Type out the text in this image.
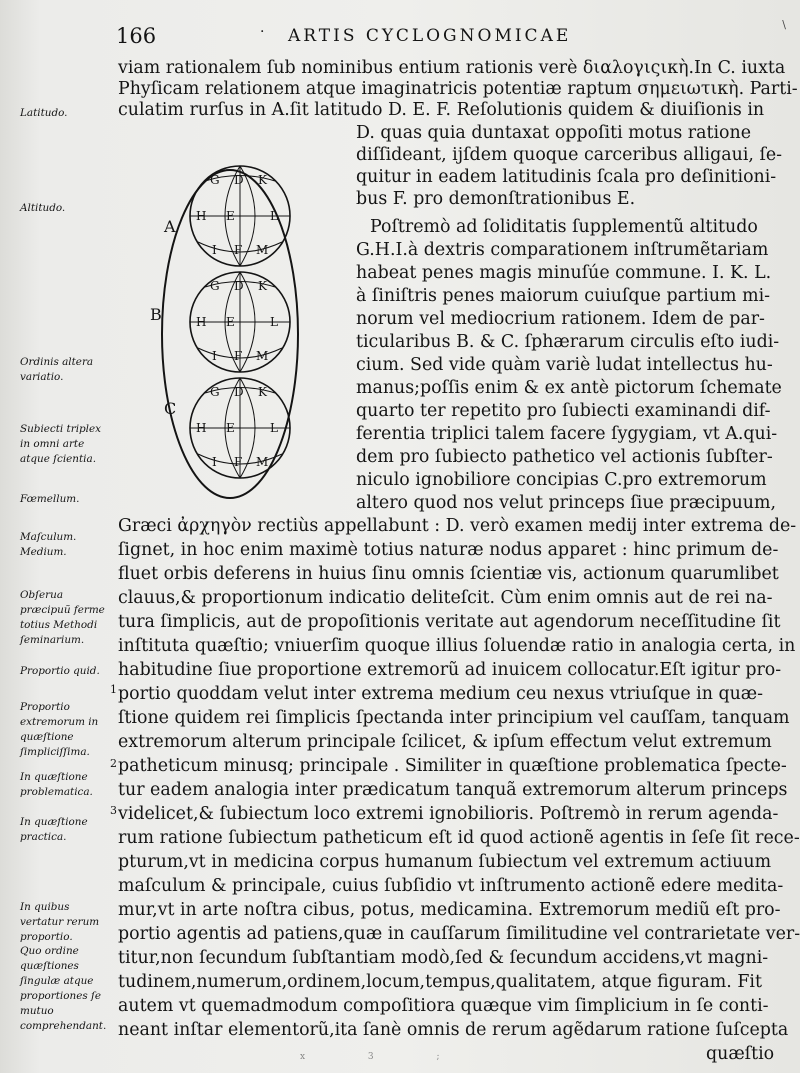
166	· ARTIS CYCLOGNOMICAE
\
viam rationalem ſub nominibus entium rationis verè διαλογιςικὴ.In C. iuxta
Phyſicam relationem atque imaginatricis potentiæ raptum σημειωτικὴ. Parti-
culatim rurſus in A.ſit latitudo D. E. F. Reſolutionis quidem & diuiſionis in
D. quas quia duntaxat oppoſiti motus ratione
diſſideant, ijſdem quoque carceribus alligaui, ſe-
quitur in eadem latitudinis ſcala pro deſinitioni-
bus F. pro demonſtrationibus E.
Poſtremò ad ſoliditatis ſupplementũ altitudo
G.H.I.à dextris comparationem inſtrumẽtariam
habeat penes magis minuſúe commune. I. K. L.
à ſiniſtris penes maiorum cuiuſque partium mi-
norum vel mediocrium rationem. Idem de par-
ticularibus B. & C. ſphærarum circulis eſto iudi-
cium. Sed vide quàm variè ludat intellectus hu-
manus;poſſis enim & ex antè pictorum ſchemate
quarto ter repetito pro ſubiecti examinandi dif-
ferentia triplici talem facere ſygygiam, vt A.qui-
dem pro ſubiecto pathetico vel actionis ſubſter-
niculo ignobiliore concipias C.pro extremorum
altero quod nos velut princeps ſiue præcipuum,
Græci ἀρχηγὸν rectiùs appellabunt : D. verò examen medij inter extrema de-
ſignet, in hoc enim maximè totius naturæ nodus apparet : hinc primum de-
fluet orbis deferens in huius ſinu omnis ſcientiæ vis, actionum quarumlibet
clauus,& proportionum indicatio deliteſcit. Cùm enim omnis aut de rei na-
tura ſimplicis, aut de propoſitionis veritate aut agendorum neceſſitudine ſit
inſtituta quæſtio; vniuerſim quoque illius ſoluendæ ratio in analogia certa, in
habitudine ſiue proportione extremorũ ad inuicem collocatur.Eſt igitur pro-
portio quoddam velut inter extrema medium ceu nexus vtriuſque in quæ-
ſtione quidem rei ſimplicis ſpectanda inter principium vel cauſſam, tanquam
extremorum alterum principale ſcilicet, & ipſum effectum velut extremum
patheticum minusq; principale . Similiter in quæſtione problematica ſpecte-
tur eadem analogia inter prædicatum tanquã extremorum alterum princeps
videlicet,& ſubiectum loco extremi ignobilioris. Poſtremò in rerum agenda-
rum ratione ſubiectum patheticum eſt id quod actionẽ agentis in ſeſe ſit rece-
pturum,vt in medicina corpus humanum ſubiectum vel extremum actiuum
maſculum & principale, cuius ſubſidio vt inſtrumento actionẽ edere medita-
mur,vt in arte noſtra cibus, potus, medicamina. Extremorum mediũ eſt pro-
portio agentis ad patiens,quæ in cauſſarum ſimilitudine vel contrarietate ver-
titur,non ſecundum ſubſtantiam modò,ſed & ſecundum accidens,vt magni-
tudinem,numerum,ordinem,locum,tempus,qualitatem, atque figuram. Fit
autem vt quemadmodum compoſitiora quæque vim ſimplicium in ſe conti-
neant inſtar elementorũ,ita ſanè omnis de rerum agẽdarum ratione ſuſcepta
quæſtio
Latitudo.
Altitudo.
Ordinis altera variatio.
Subiecti triplex in omni arte atque ſcientia.
Fœmellum.
Maſculum. Medium.
Obſerua præcipuũ ferme totius Methodi ſeminarium.
Proportio quid.
Proportio extremorum in quæſtione ſimpliciſſima.
In quæſtione problematica.
In quæſtione practica.
In quibus vertatur rerum proportio.
Quo ordine quæſtiones ſingulæ atque proportiones ſe mutuo comprehendant.
1
2
3
A
B
C
G D K
H E	L
I F M
G D K
H E	L
I F M
G D K
H E	L
I F M
x 3 ;
